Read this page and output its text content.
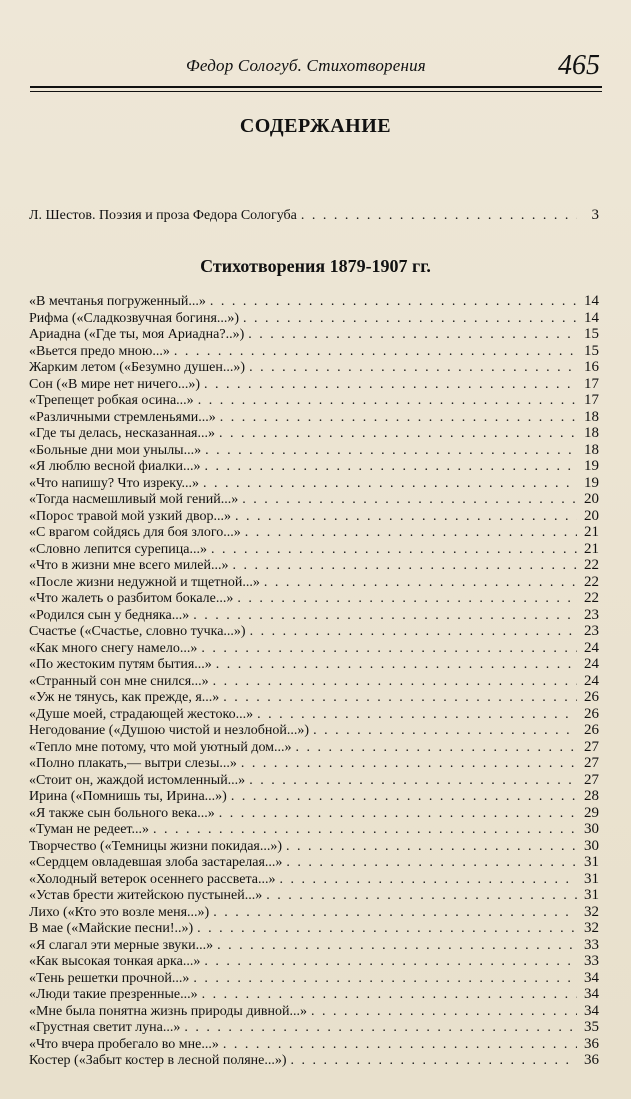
Федор Сологуб. Стихотворения	465
СОДЕРЖАНИЕ
Л. Шестов. Поэзия и проза Федора Сологуба . . .	3
Стихотворения 1879-1907 гг.
«В мечтанья погруженный...» . . .	14
Рифма («Сладкозвучная богиня...») . . .	14
Ариадна («Где ты, моя Ариадна?..») . . .	15
«Вьется предо мною...» . . .	15
Жарким летом («Безумно душен...») . . .	16
Сон («В мире нет ничего...») . . .	17
«Трепещет робкая осина...» . . .	17
«Различными стремленьями...» . . .	18
«Где ты делась, несказанная...» . . .	18
«Больные дни мои унылы...» . . .	18
«Я люблю весной фиалки...» . . .	19
«Что напишу? Что изреку...» . . .	19
«Тогда насмешливый мой гений...» . . .	20
«Порос травой мой узкий двор...» . . .	20
«С врагом сойдясь для боя злого...» . . .	21
«Словно лепится сурепица...» . . .	21
«Что в жизни мне всего милей...» . . .	22
«После жизни недужной и тщетной...» . . .	22
«Что жалеть о разбитом бокале...» . . .	22
«Родился сын у бедняка...» . . .	23
Счастье («Счастье, словно тучка...») . . .	23
«Как много снегу намело...» . . .	24
«По жестоким путям бытия...» . . .	24
«Странный сон мне снился...» . . .	24
«Уж не тянусь, как прежде, я...» . . .	26
«Душе моей, страдающей жестоко...» . . .	26
Негодование («Душою чистой и незлобной...») . . .	26
«Тепло мне потому, что мой уютный дом...» . . .	27
«Полно плакать,— вытри слезы...» . . .	27
«Стоит он, жаждой истомленный...» . . .	27
Ирина («Помнишь ты, Ирина...») . . .	28
«Я также сын больного века...» . . .	29
«Туман не редеет...» . . .	30
Творчество («Темницы жизни покидая...») . . .	30
«Сердцем овладевшая злоба застарелая...» . . .	31
«Холодный ветерок осеннего рассвета...» . . .	31
«Устав брести житейскою пустыней...» . . .	31
Лихо («Кто это возле меня...») . . .	32
В мае («Майские песни!..») . . .	32
«Я слагал эти мерные звуки...» . . .	33
«Как высокая тонкая арка...» . . .	33
«Тень решетки прочной...» . . .	34
«Люди такие презренные...» . . .	34
«Мне была понятна жизнь природы дивной...» . . .	34
«Грустная светит луна...» . . .	35
«Что вчера пробегало во мне...» . . .	36
Костер («Забыт костер в лесной поляне...») . . .	36
